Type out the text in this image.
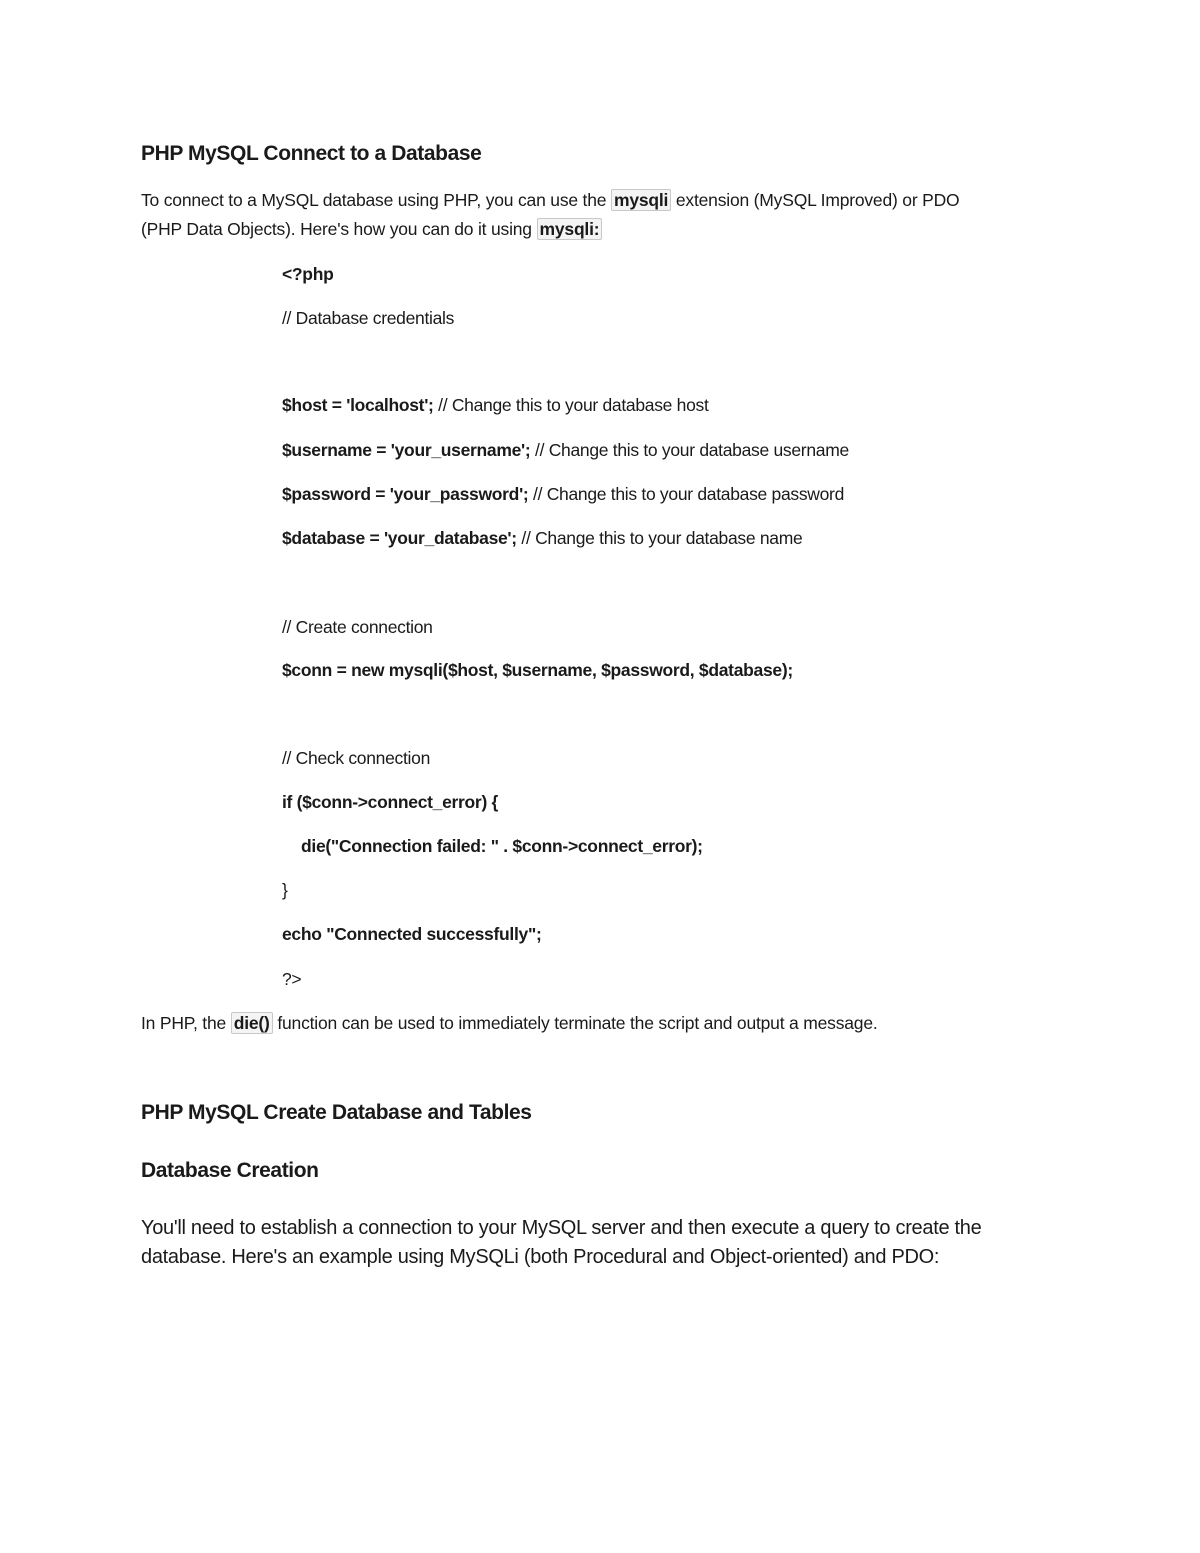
PHP MySQL Connect to a Database
To connect to a MySQL database using PHP, you can use the mysqli extension (MySQL Improved) or PDO
(PHP Data Objects). Here's how you can do it using mysqli:
<?php
// Database credentials
$host = 'localhost'; // Change this to your database host
$username = 'your_username'; // Change this to your database username
$password = 'your_password'; // Change this to your database password
$database = 'your_database'; // Change this to your database name
// Create connection
$conn = new mysqli($host, $username, $password, $database);
// Check connection
if ($conn->connect_error) {
die("Connection failed: " . $conn->connect_error);
}
echo "Connected successfully";
?>
In PHP, the die() function can be used to immediately terminate the script and output a message.
PHP MySQL Create Database and Tables
Database Creation
You'll need to establish a connection to your MySQL server and then execute a query to create the database. Here's an example using MySQLi (both Procedural and Object-oriented) and PDO:
